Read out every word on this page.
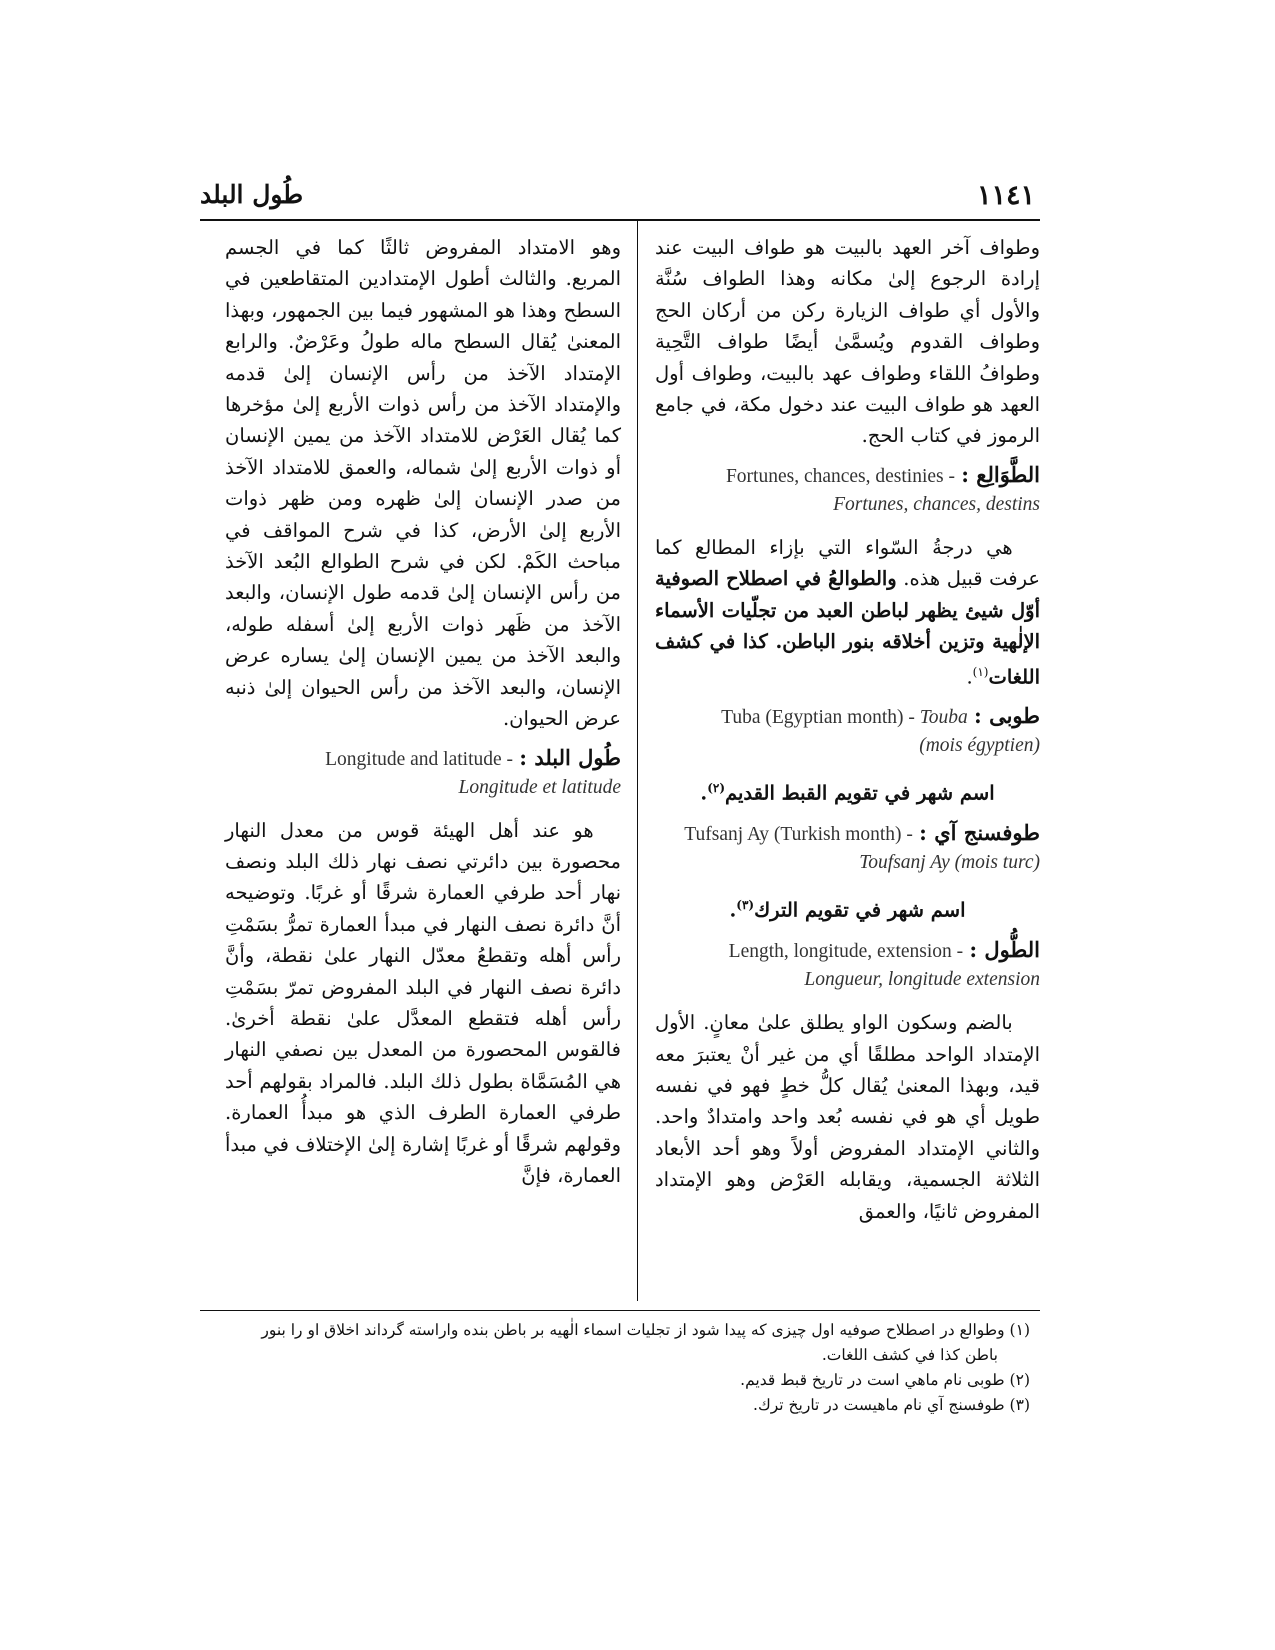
١١٤١
طُول البلد

وطواف آخر العهد بالبيت هو طواف البيت عند إرادة الرجوع إلىٰ مكانه وهذا الطواف سُنَّة والأول أي طواف الزيارة ركن من أركان الحج وطواف القدوم ويُسمَّىٰ أيضًا طواف التَّحِية وطوافُ اللقاء وطواف عهد بالبيت، وطواف أول العهد هو طواف البيت عند دخول مكة، في جامع الرموز في كتاب الحج.

الطَّوَالِع : Fortunes, chances, destinies -
Fortunes, chances, destins

هي درجةُ السّواء التي بإزاء المطالع كما عرفت قبيل هذه. والطوالعُ في اصطلاح الصوفية أوّل شيئ يظهر لباطن العبد من تجلّيات الأسماء الإلٰهية وتزين أخلاقه بنور الباطن. كذا في كشف اللغات$^{(١)}$.

طوبى : Tuba (Egyptian month) - Touba
(mois égyptien)

اسم شهر في تقويم القبط القديم$^{(٢)}$.

طوفسنج آي : Tufsanj Ay (Turkish month) -
Toufsanj Ay (mois turc)

اسم شهر في تقويم الترك$^{(٣)}$.

الطُّول : Length, longitude, extension -
Longueur, longitude extension

بالضم وسكون الواو يطلق علىٰ معانٍ. الأول الإمتداد الواحد مطلقًا أي من غير أنْ يعتبرَ معه قيد، وبهذا المعنىٰ يُقال كلُّ خطٍ فهو في نفسه طويل أي هو في نفسه بُعد واحد وامتدادٌ واحد. والثاني الإمتداد المفروض أولاً وهو أحد الأبعاد الثلاثة الجسمية، ويقابله العَرْض وهو الإمتداد المفروض ثانيًا، والعمق

وهو الامتداد المفروض ثالثًا كما في الجسم المربع. والثالث أطول الإمتدادين المتقاطعين في السطح وهذا هو المشهور فيما بين الجمهور، وبهذا المعنىٰ يُقال السطح ماله طولُ وعَرْضٌ. والرابع الإمتداد الآخذ من رأس الإنسان إلىٰ قدمه والإمتداد الآخذ من رأس ذوات الأربع إلىٰ مؤخرها كما يُقال العَرْض للامتداد الآخذ من يمين الإنسان أو ذوات الأربع إلىٰ شماله، والعمق للامتداد الآخذ من صدر الإنسان إلىٰ ظهره ومن ظهر ذوات الأربع إلىٰ الأرض، كذا في شرح المواقف في مباحث الكَمْ. لكن في شرح الطوالع البُعد الآخذ من رأس الإنسان إلىٰ قدمه طول الإنسان، والبعد الآخذ من ظَهر ذوات الأربع إلىٰ أسفله طوله، والبعد الآخذ من يمين الإنسان إلىٰ يساره عرض الإنسان، والبعد الآخذ من رأس الحيوان إلىٰ ذنبه عرض الحيوان.

طُول البلد : Longitude and latitude -
Longitude et latitude

هو عند أهل الهيئة قوس من معدل النهار محصورة بين دائرتي نصف نهار ذلك البلد ونصف نهار أحد طرفي العمارة شرقًا أو غربًا. وتوضيحه أنَّ دائرة نصف النهار في مبدأ العمارة تمرُّ بسَمْتِ رأس أهله وتقطعُ معدّل النهار علىٰ نقطة، وأنَّ دائرة نصف النهار في البلد المفروض تمرّ بسَمْتِ رأس أهله فتقطع المعدَّل علىٰ نقطة أخرىٰ. فالقوس المحصورة من المعدل بين نصفي النهار هي المُسَمَّاة بطول ذلك البلد. فالمراد بقولهم أحد طرفي العمارة الطرف الذي هو مبدأُ العمارة. وقولهم شرقًا أو غربًا إشارة إلىٰ الإختلاف في مبدأ العمارة، فإنَّ

(١) وطوالع در اصطلاح صوفيه اول چيزى كه پيدا شود از تجليات اسماء الٰهيه بر باطن بنده واراسته گرداند اخلاق او را بنور
باطن كذا في كشف اللغات.

(٢) طوبى نام ماهي است در تاريخ قبط قديم.

(٣) طوفسنج آي نام ماهيست در تاريخ ترك.
